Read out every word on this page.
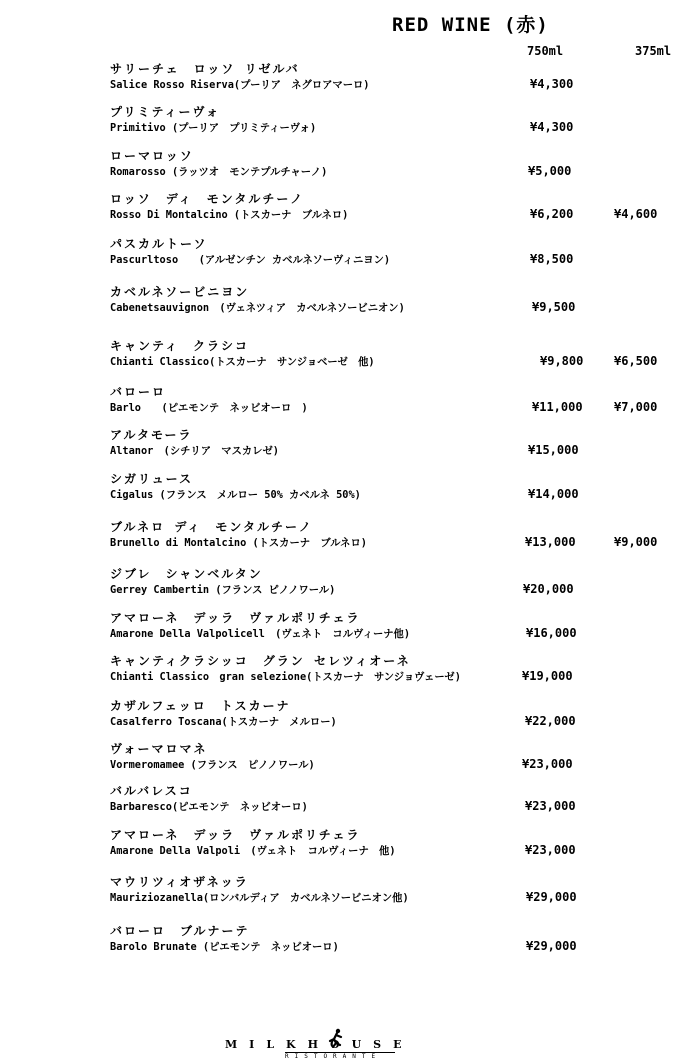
RED WINE (赤)
750ml	375ml
サリーチェ　ロッソ リゼルバ
Salice Rosso Riserva(プーリア　ネグロアマーロ)	¥4,300
プリミティーヴォ
Primitivo (プーリア　プリミティーヴォ)	¥4,300
ローマロッソ
Romarosso (ラッツオ　モンテプルチャーノ)	¥5,000
ロッソ　ディ　モンタルチーノ
Rosso Di Montalcino (トスカーナ　ブルネロ)	¥6,200	¥4,600
パスカルトーソ
Pascurltoso　　(アルゼンチン カベルネソーヴィニヨン)	¥8,500
カベルネソービニヨン
Cabenetsauvignon　(ヴェネツィア　カベルネソービニオン)	¥9,500
キャンティ　クラシコ
Chianti Classico(トスカーナ　サンジョベーゼ　他)	¥9,800	¥6,500
バローロ
Barlo　　(ピエモンテ　ネッビオーロ　)	¥11,000	¥7,000
アルタモーラ
Altanor　(シチリア　マスカレゼ)	¥15,000
シガリュース
Cigalus (フランス　メルロー 50% カベルネ 50%)	¥14,000
ブルネロ ディ　モンタルチーノ
Brunello di Montalcino (トスカーナ　ブルネロ)	¥13,000	¥9,000
ジブレ　シャンベルタン
Gerrey Cambertin (フランス ピノノワール)	¥20,000
アマローネ　デッラ　ヴァルポリチェラ
Amarone Della Valpolicell　(ヴェネト　コルヴィーナ他)	¥16,000
キャンティクラシッコ　グラン セレツィオーネ
Chianti Classico　gran selezione(トスカーナ　サンジョヴェーゼ)	¥19,000
カザルフェッロ　トスカーナ
Casalferro Toscana(トスカーナ　メルロー)	¥22,000
ヴォーマロマネ
Vormeromamee (フランス　ピノノワール)	¥23,000
バルバレスコ
Barbaresco(ピエモンテ　ネッビオーロ)	¥23,000
アマローネ　デッラ　ヴァルポリチェラ
Amarone Della Valpoli　(ヴェネト　コルヴィーナ　他)	¥23,000
マウリツィオザネッラ
Mauriziozanella(ロンバルディア　カベルネソービニオン他)	¥29,000
バローロ　ブルナーテ
Barolo Brunate (ピエモンテ　ネッビオーロ)	¥29,000
MILKHOUSE
RISTORANTE
